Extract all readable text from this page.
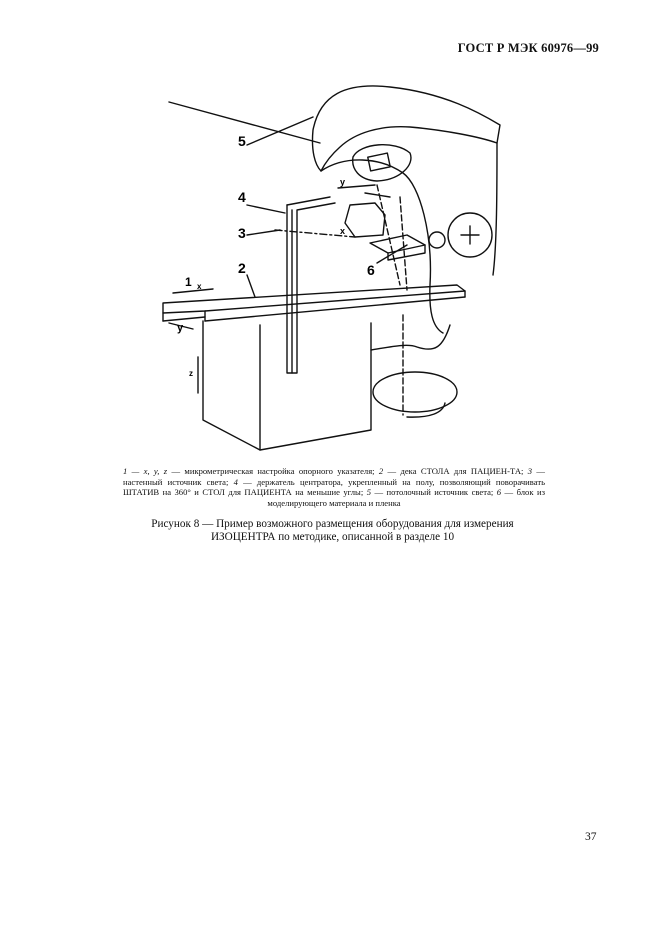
ГОСТ Р МЭК 60976—99
5
4
3
2	6
1 x
y
z
y
x
1 — x, y, z — микрометрическая настройка опорного указателя; 2 — дека СТОЛА для ПАЦИЕН-ТА; 3 — настенный источник света; 4 — держатель центратора, укрепленный на полу, позволяющий поворачивать ШТАТИВ на 360° и СТОЛ для ПАЦИЕНТА на меньшие углы; 5 — потолочный источник света; 6 — блок из моделирующего материала и пленка
Рисунок 8 — Пример возможного размещения оборудования для измерения
ИЗОЦЕНТРА по методике, описанной в разделе 10
37
